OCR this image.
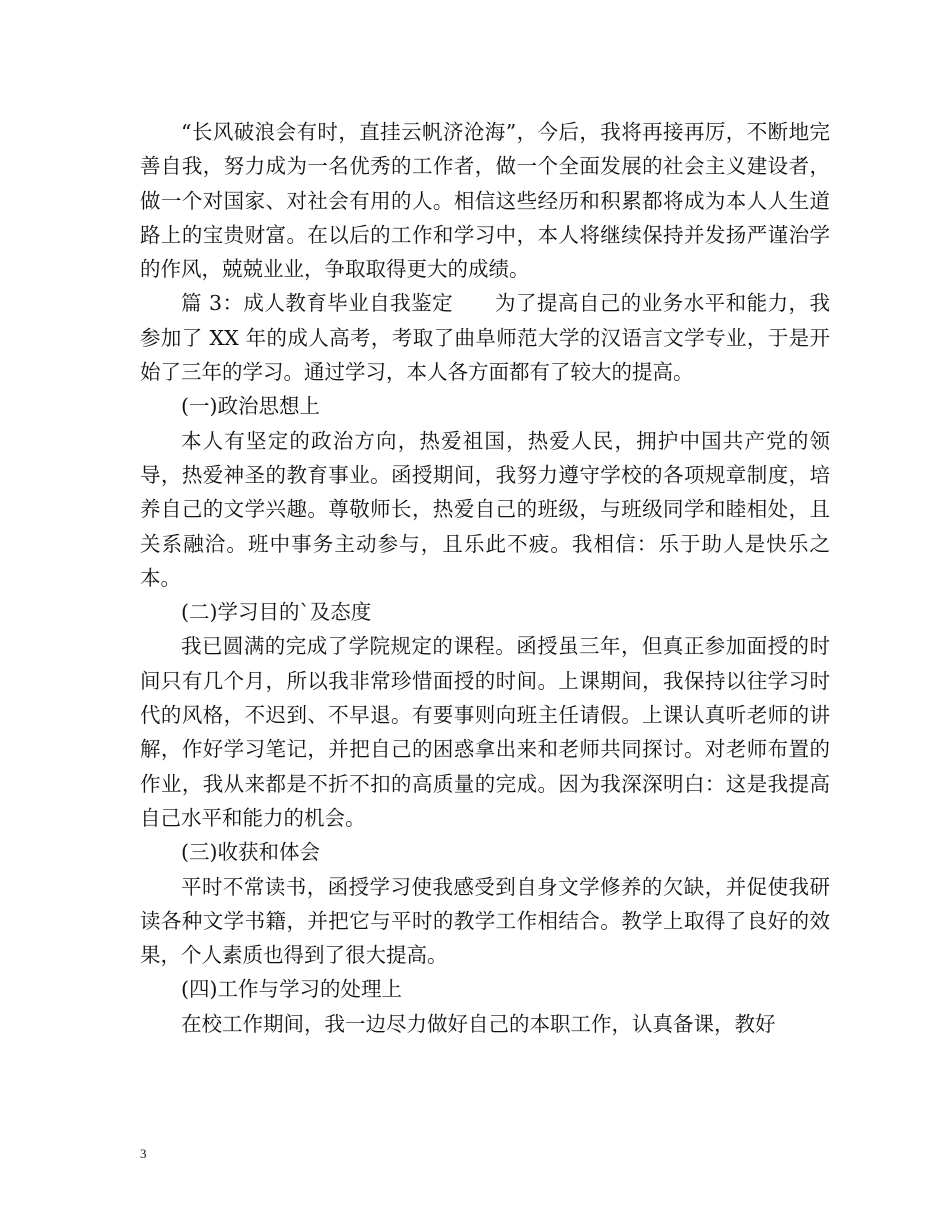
“长风破浪会有时，直挂云帆济沧海”，今后，我将再接再厉，不断地完善自我，努力成为一名优秀的工作者，做一个全面发展的社会主义建设者，做一个对国家、对社会有用的人。相信这些经历和积累都将成为本人人生道路上的宝贵财富。在以后的工作和学习中，本人将继续保持并发扬严谨治学的作风，兢兢业业，争取取得更大的成绩。

篇 3：成人教育毕业自我鉴定　　为了提高自己的业务水平和能力，我参加了 XX 年的成人高考，考取了曲阜师范大学的汉语言文学专业，于是开始了三年的学习。通过学习，本人各方面都有了较大的提高。

(一)政治思想上

本人有坚定的政治方向，热爱祖国，热爱人民，拥护中国共产党的领导，热爱神圣的教育事业。函授期间，我努力遵守学校的各项规章制度，培养自己的文学兴趣。尊敬师长，热爱自己的班级，与班级同学和睦相处，且关系融洽。班中事务主动参与，且乐此不疲。我相信：乐于助人是快乐之本。

(二)学习目的`及态度

我已圆满的完成了学院规定的课程。函授虽三年，但真正参加面授的时间只有几个月，所以我非常珍惜面授的时间。上课期间，我保持以往学习时代的风格，不迟到、不早退。有要事则向班主任请假。上课认真听老师的讲解，作好学习笔记，并把自己的困惑拿出来和老师共同探讨。对老师布置的作业，我从来都是不折不扣的高质量的完成。因为我深深明白：这是我提高自己水平和能力的机会。

(三)收获和体会

平时不常读书，函授学习使我感受到自身文学修养的欠缺，并促使我研读各种文学书籍，并把它与平时的教学工作相结合。教学上取得了良好的效果，个人素质也得到了很大提高。

(四)工作与学习的处理上

在校工作期间，我一边尽力做好自己的本职工作，认真备课，教好

3
